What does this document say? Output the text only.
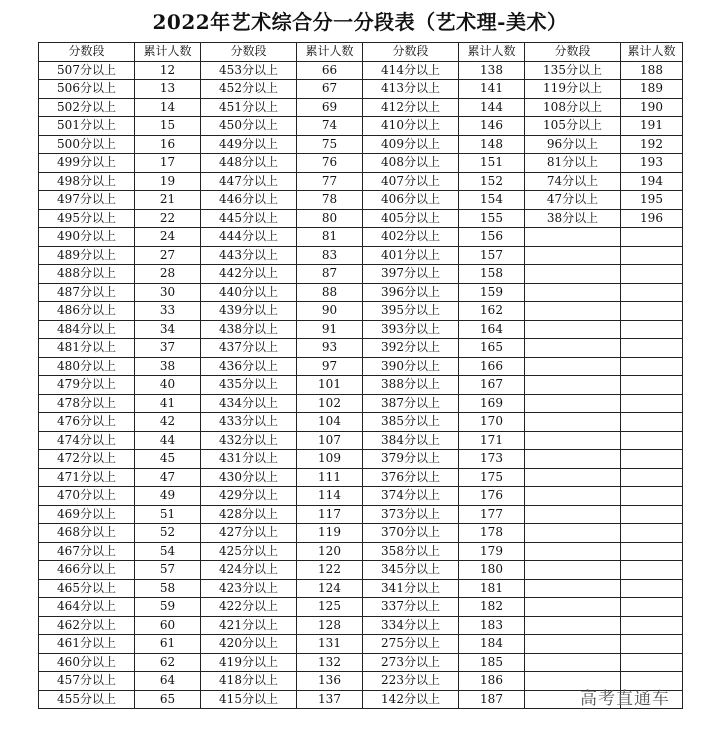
2022年艺术综合分一分段表（艺术理-美术）
分数段	累计人数	分数段	累计人数	分数段	累计人数	分数段	累计人数
507分以上	12	453分以上	66	414分以上	138	135分以上	188
506分以上	13	452分以上	67	413分以上	141	119分以上	189
502分以上	14	451分以上	69	412分以上	144	108分以上	190
501分以上	15	450分以上	74	410分以上	146	105分以上	191
500分以上	16	449分以上	75	409分以上	148	96分以上	192
499分以上	17	448分以上	76	408分以上	151	81分以上	193
498分以上	19	447分以上	77	407分以上	152	74分以上	194
497分以上	21	446分以上	78	406分以上	154	47分以上	195
495分以上	22	445分以上	80	405分以上	155	38分以上	196
490分以上	24	444分以上	81	402分以上	156		
489分以上	27	443分以上	83	401分以上	157		
488分以上	28	442分以上	87	397分以上	158		
487分以上	30	440分以上	88	396分以上	159		
486分以上	33	439分以上	90	395分以上	162		
484分以上	34	438分以上	91	393分以上	164		
481分以上	37	437分以上	93	392分以上	165		
480分以上	38	436分以上	97	390分以上	166		
479分以上	40	435分以上	101	388分以上	167		
478分以上	41	434分以上	102	387分以上	169		
476分以上	42	433分以上	104	385分以上	170		
474分以上	44	432分以上	107	384分以上	171		
472分以上	45	431分以上	109	379分以上	173		
471分以上	47	430分以上	111	376分以上	175		
470分以上	49	429分以上	114	374分以上	176		
469分以上	51	428分以上	117	373分以上	177		
468分以上	52	427分以上	119	370分以上	178		
467分以上	54	425分以上	120	358分以上	179		
466分以上	57	424分以上	122	345分以上	180		
465分以上	58	423分以上	124	341分以上	181		
464分以上	59	422分以上	125	337分以上	182		
462分以上	60	421分以上	128	334分以上	183		
461分以上	61	420分以上	131	275分以上	184		
460分以上	62	419分以上	132	273分以上	185		
457分以上	64	418分以上	136	223分以上	186		
455分以上	65	415分以上	137	142分以上	187			高考直通车
